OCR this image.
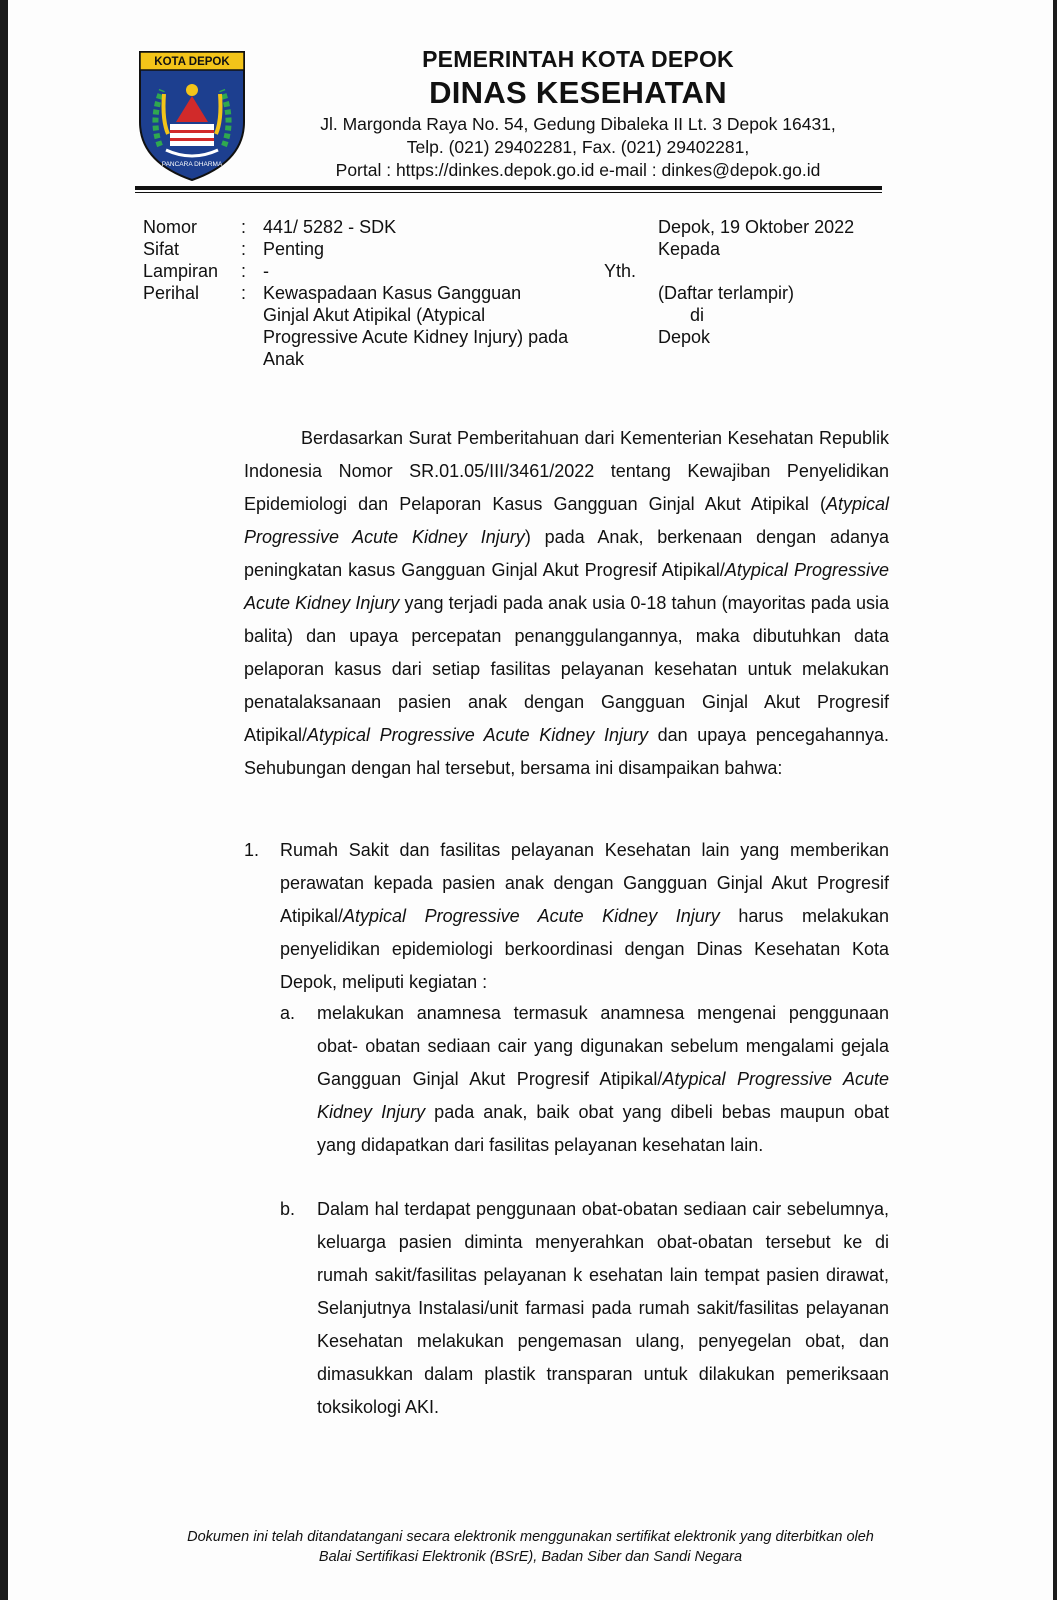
KOTA DEPOK
PANCARA DHARMA
PEMERINTAH KOTA DEPOK
DINAS KESEHATAN
Jl. Margonda Raya No. 54, Gedung Dibaleka II Lt. 3 Depok 16431,
Telp. (021) 29402281, Fax. (021) 29402281,
Portal : https://dinkes.depok.go.id e-mail : dinkes@depok.go.id
Nomor : 441/ 5282 - SDK
Sifat	: Penting
Lampiran : -
Perihal : Kewaspadaan Kasus Gangguan
Ginjal Akut Atipikal (Atypical
Progressive Acute Kidney Injury) pada
Anak
Depok, 19 Oktober 2022
Kepada
Yth.
(Daftar terlampir)
di
Depok
Berdasarkan Surat Pemberitahuan dari Kementerian Kesehatan Republik Indonesia Nomor SR.01.05/III/3461/2022 tentang Kewajiban Penyelidikan Epidemiologi dan Pelaporan Kasus Gangguan Ginjal Akut Atipikal (Atypical Progressive Acute Kidney Injury) pada Anak, berkenaan dengan adanya peningkatan kasus Gangguan Ginjal Akut Progresif Atipikal/Atypical Progressive Acute Kidney Injury yang terjadi pada anak usia 0-18 tahun (mayoritas pada usia balita) dan upaya percepatan penanggulangannya, maka dibutuhkan data pelaporan kasus dari setiap fasilitas pelayanan kesehatan untuk melakukan penatalaksanaan pasien anak dengan Gangguan Ginjal Akut Progresif Atipikal/Atypical Progressive Acute Kidney Injury dan upaya pencegahannya. Sehubungan dengan hal tersebut, bersama ini disampaikan bahwa:
1. Rumah Sakit dan fasilitas pelayanan Kesehatan lain yang memberikan perawatan kepada pasien anak dengan Gangguan Ginjal Akut Progresif Atipikal/Atypical Progressive Acute Kidney Injury harus melakukan penyelidikan epidemiologi berkoordinasi dengan Dinas Kesehatan Kota Depok, meliputi kegiatan :
a. melakukan anamnesa termasuk anamnesa mengenai penggunaan obat- obatan sediaan cair yang digunakan sebelum mengalami gejala Gangguan Ginjal Akut Progresif Atipikal/Atypical Progressive Acute Kidney Injury pada anak, baik obat yang dibeli bebas maupun obat yang didapatkan dari fasilitas pelayanan kesehatan lain.
b. Dalam hal terdapat penggunaan obat-obatan sediaan cair sebelumnya, keluarga pasien diminta menyerahkan obat-obatan tersebut ke di rumah sakit/fasilitas pelayanan k esehatan lain tempat pasien dirawat, Selanjutnya Instalasi/unit farmasi pada rumah sakit/fasilitas pelayanan Kesehatan melakukan pengemasan ulang, penyegelan obat, dan dimasukkan dalam plastik transparan untuk dilakukan pemeriksaan toksikologi AKI.
Dokumen ini telah ditandatangani secara elektronik menggunakan sertifikat elektronik yang diterbitkan oleh
Balai Sertifikasi Elektronik (BSrE), Badan Siber dan Sandi Negara
